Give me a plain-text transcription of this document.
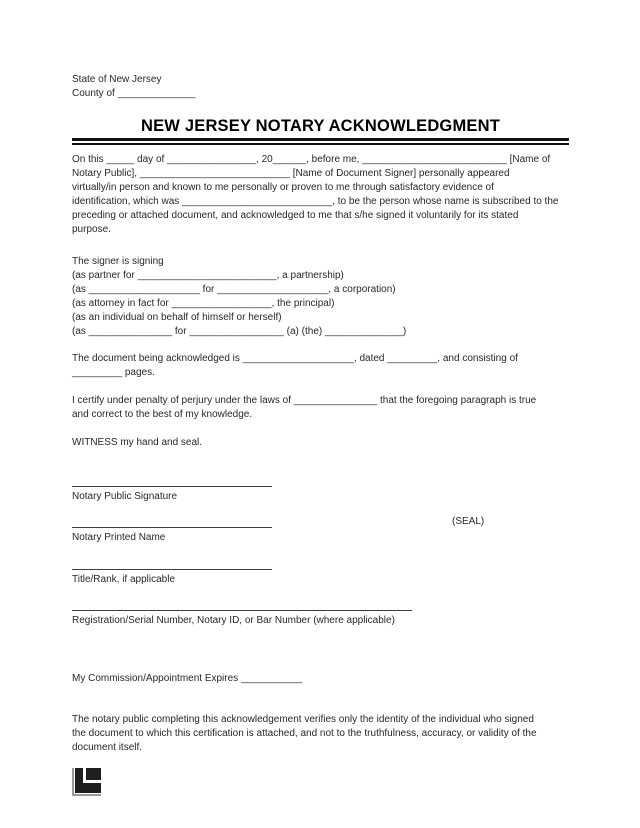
State of New Jersey
County of ______________
NEW JERSEY NOTARY ACKNOWLEDGMENT
On this _____ day of ________________, 20______, before me, __________________________ [Name of
Notary Public], ___________________________ [Name of Document Signer] personally appeared
virtually/in person and known to me personally or proven to me through satisfactory evidence of
identification, which was ___________________________, to be the person whose name is subscribed to the
preceding or attached document, and acknowledged to me that s/he signed it voluntarily for its stated
purpose.
The signer is signing
(as partner for _________________________, a partnership)
(as ____________________ for ____________________, a corporation)
(as attorney in fact for __________________, the principal)
(as an individual on behalf of himself or herself)
(as _______________ for _________________ (a) (the) ______________)
The document being acknowledged is ____________________, dated _________, and consisting of
_________ pages.
I certify under penalty of perjury under the laws of _______________ that the foregoing paragraph is true
and correct to the best of my knowledge.
WITNESS my hand and seal.
Notary Public Signature
(SEAL)
Notary Printed Name
Title/Rank, if applicable
Registration/Serial Number, Notary ID, or Bar Number (where applicable)
My Commission/Appointment Expires ___________
The notary public completing this acknowledgement verifies only the identity of the individual who signed
the document to which this certification is attached, and not to the truthfulness, accuracy, or validity of the
document itself.
